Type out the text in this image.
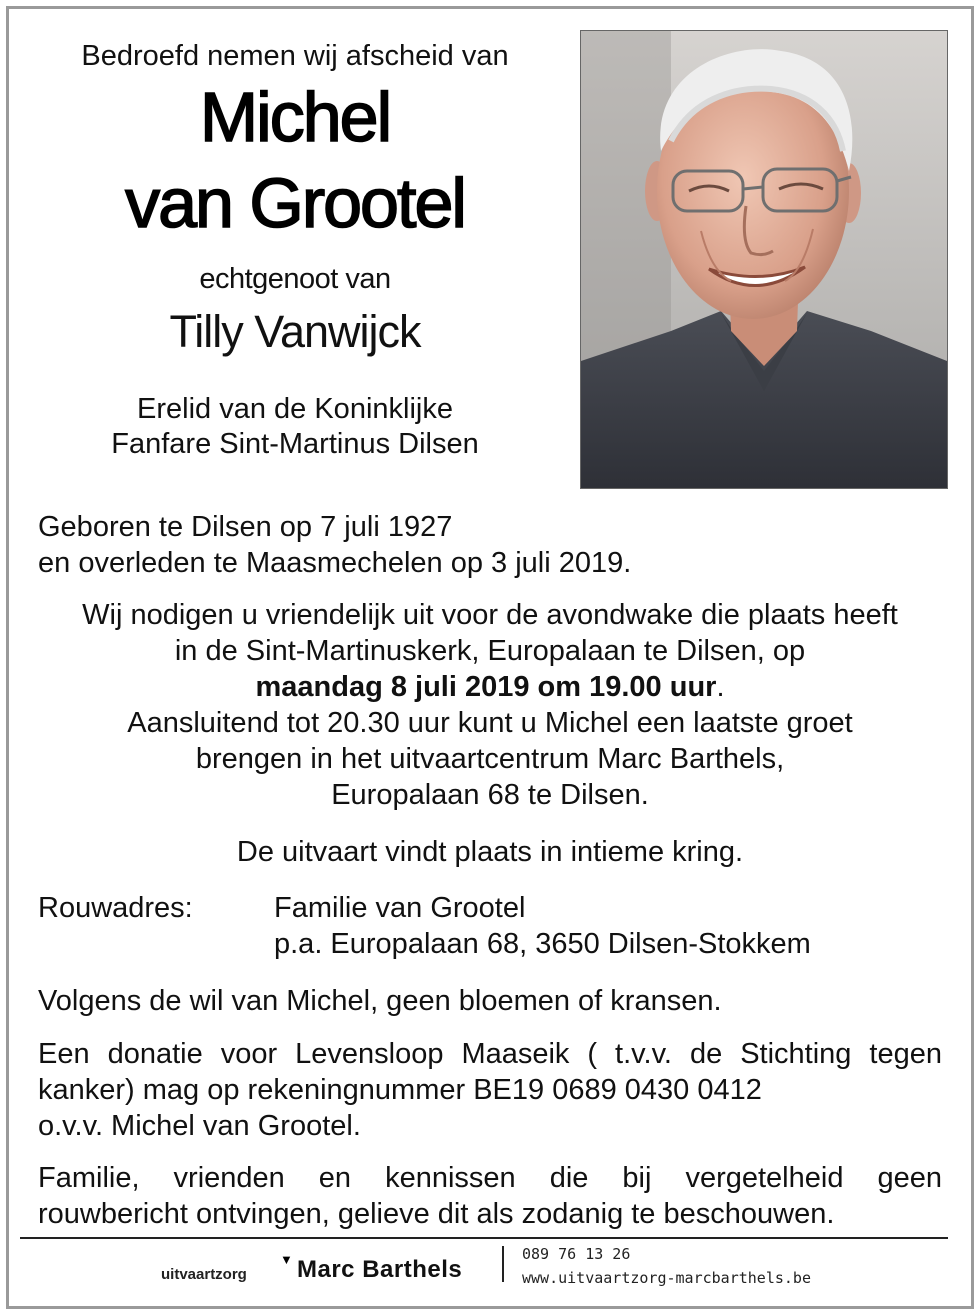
Bedroefd nemen wij afscheid van
Michel
van Grootel
echtgenoot van
Tilly Vanwijck
Erelid van de Koninklijke
Fanfare Sint-Martinus Dilsen
Geboren te Dilsen op 7 juli 1927
en overleden te Maasmechelen op 3 juli 2019.
Wij nodigen u vriendelijk uit voor de avondwake die plaats heeft
in de Sint-Martinuskerk, Europalaan te Dilsen, op
maandag 8 juli 2019 om 19.00 uur.
Aansluitend tot 20.30 uur kunt u Michel een laatste groet
brengen in het uitvaartcentrum Marc Barthels,
Europalaan 68 te Dilsen.
De uitvaart vindt plaats in intieme kring.
Rouwadres:	Familie van Grootel
p.a. Europalaan 68, 3650 Dilsen-Stokkem
Volgens de wil van Michel, geen bloemen of kransen.
Een donatie voor Levensloop Maaseik ( t.v.v. de Stichting tegen
kanker) mag op rekeningnummer BE19 0689 0430 0412
o.v.v. Michel van Grootel.
Familie, vrienden en kennissen die bij vergetelheid geen
rouwbericht ontvingen, gelieve dit als zodanig te beschouwen.
uitvaartzorg
▼ Marc Barthels
089 76 13 26
www.uitvaartzorg-marcbarthels.be
